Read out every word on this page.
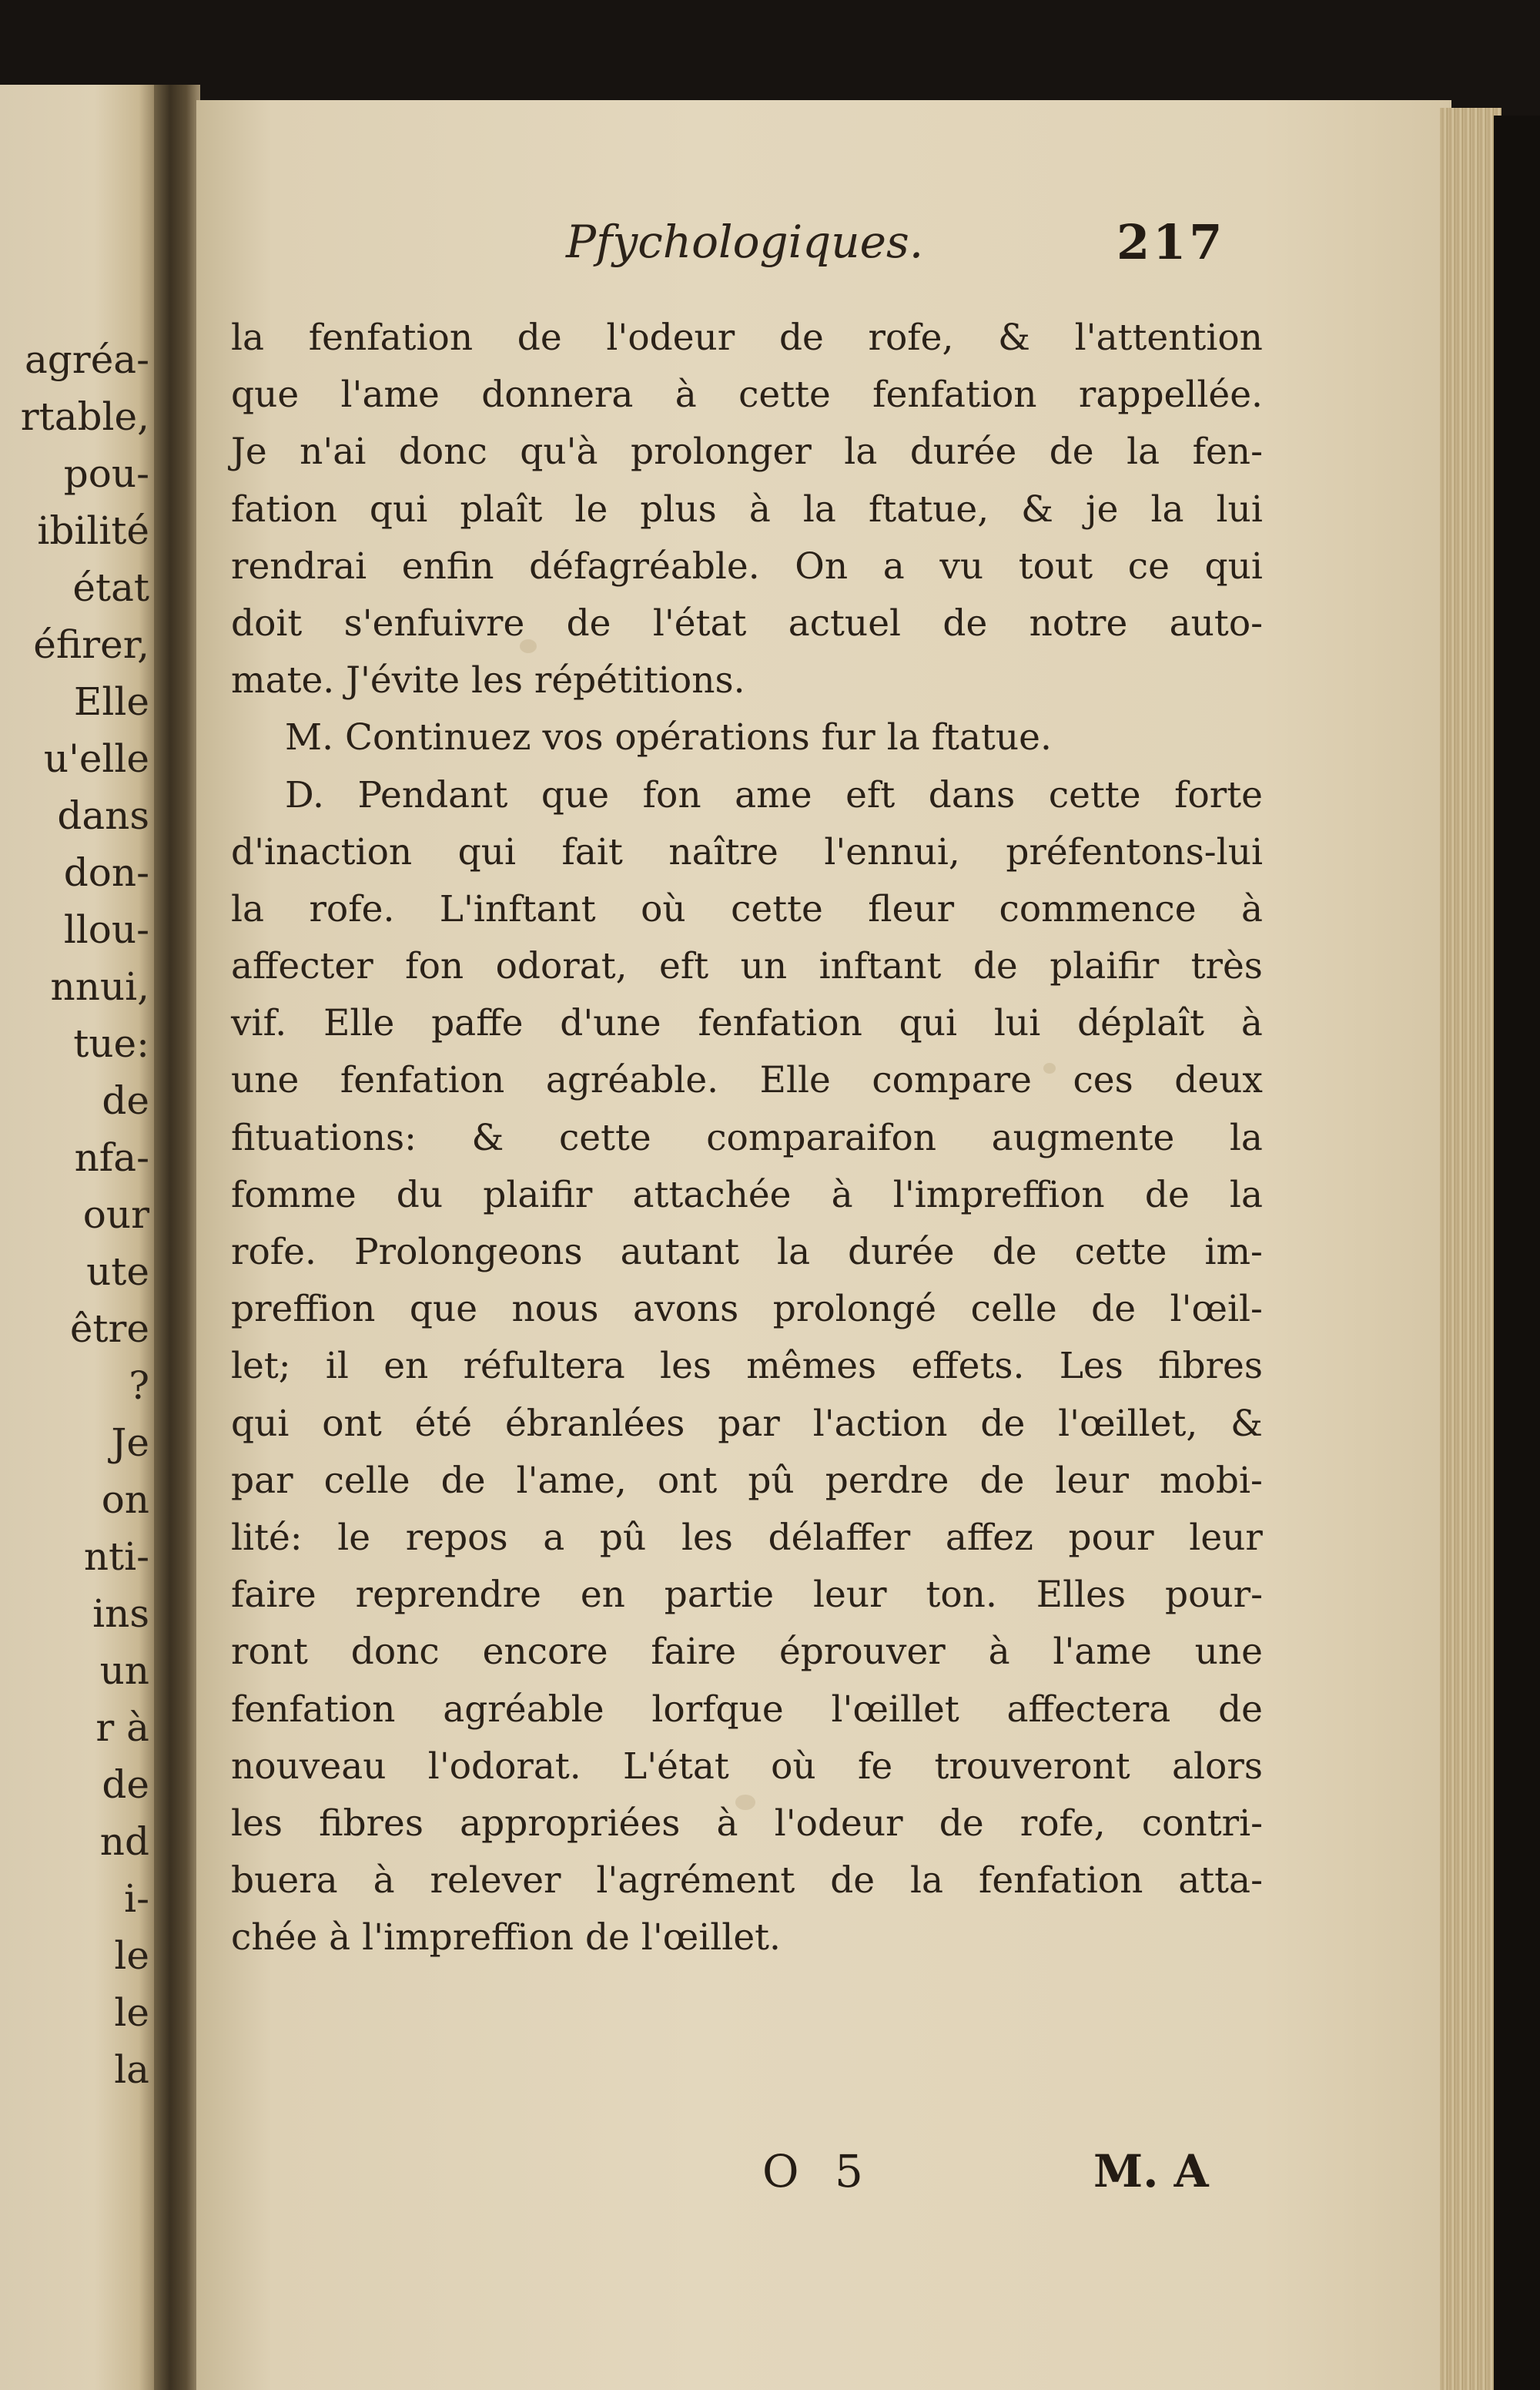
agréa-
rtable,
pou-
ibilité
état
éfirer,
Elle
u'elle
dans
don-
llou-
nnui,
tue:
de
nfa-
our
ute
être
?
Je
on
nti-
ins
un
r à
de
nd
i-
le
le
la
Pfychologiques.	217
la fenfation de l'odeur de rofe, & l'attention
que l'ame donnera à cette fenfation rappellée.
Je n'ai donc qu'à prolonger la durée de la fen-
fation qui plaît le plus à la ftatue, & je la lui
rendrai enfin défagréable. On a vu tout ce qui
doit s'enfuivre de l'état actuel de notre auto-
mate. J'évite les répétitions.
M. Continuez vos opérations fur la ftatue.
D. Pendant que fon ame eft dans cette forte
d'inaction qui fait naître l'ennui, préfentons-lui
la rofe. L'inftant où cette fleur commence à
affecter fon odorat, eft un inftant de plaifir très
vif. Elle paffe d'une fenfation qui lui déplaît à
une fenfation agréable. Elle compare ces deux
fituations: & cette comparaifon augmente la
fomme du plaifir attachée à l'impreffion de la
rofe. Prolongeons autant la durée de cette im-
preffion que nous avons prolongé celle de l'œil-
let; il en réfultera les mêmes effets. Les fibres
qui ont été ébranlées par l'action de l'œillet, &
par celle de l'ame, ont pû perdre de leur mobi-
lité: le repos a pû les délaffer affez pour leur
faire reprendre en partie leur ton. Elles pour-
ront donc encore faire éprouver à l'ame une
fenfation agréable lorfque l'œillet affectera de
nouveau l'odorat. L'état où fe trouveront alors
les fibres appropriées à l'odeur de rofe, contri-
buera à relever l'agrément de la fenfation atta-
chée à l'impreffion de l'œillet.
O 5	M. A
